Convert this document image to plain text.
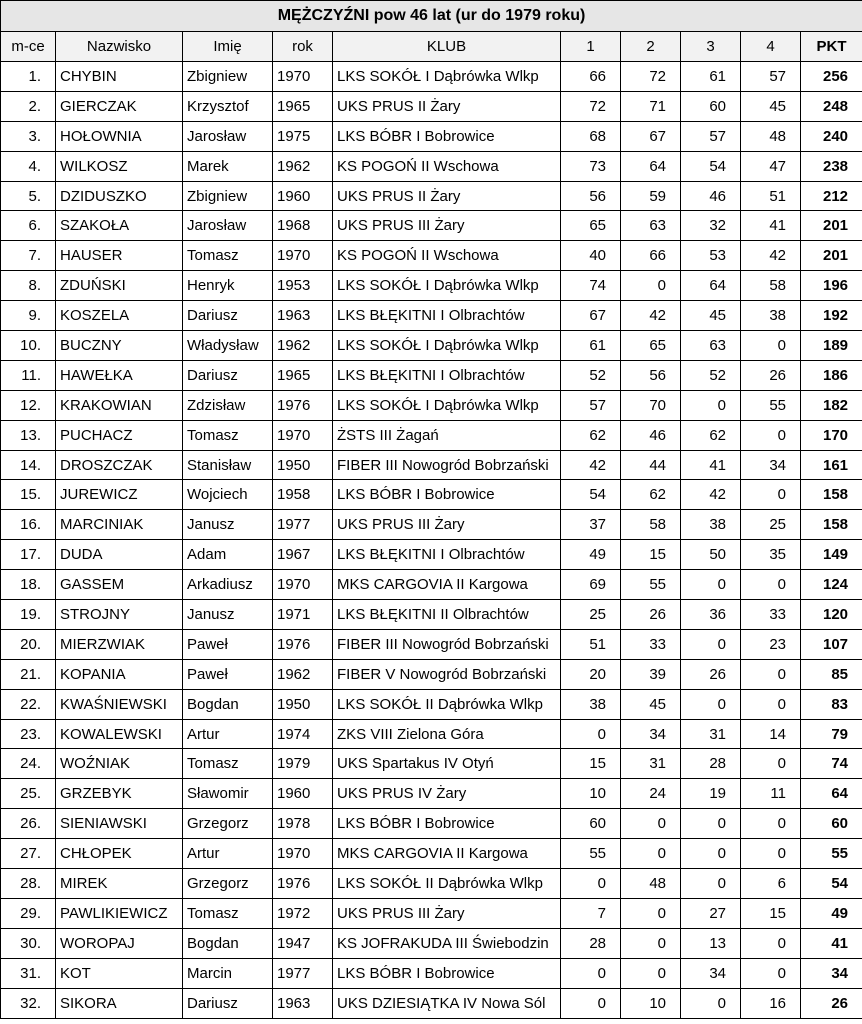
MĘŻCZYŹNI pow 46 lat (ur do 1979 roku)									
m-ce	Nazwisko	Imię	rok	KLUB	1	2	3	4	PKT
1.	CHYBIN	Zbigniew	1970	LKS SOKÓŁ I Dąbrówka Wlkp	66	72	61	57	256
2.	GIERCZAK	Krzysztof	1965	UKS PRUS II Żary	72	71	60	45	248
3.	HOŁOWNIA	Jarosław	1975	LKS BÓBR I Bobrowice	68	67	57	48	240
4.	WILKOSZ	Marek	1962	KS POGOŃ II Wschowa	73	64	54	47	238
5.	DZIDUSZKO	Zbigniew	1960	UKS PRUS II Żary	56	59	46	51	212
6.	SZAKOŁA	Jarosław	1968	UKS PRUS III Żary	65	63	32	41	201
7.	HAUSER	Tomasz	1970	KS POGOŃ II Wschowa	40	66	53	42	201
8.	ZDUŃSKI	Henryk	1953	LKS SOKÓŁ I Dąbrówka Wlkp	74	0	64	58	196
9.	KOSZELA	Dariusz	1963	LKS BŁĘKITNI I Olbrachtów	67	42	45	38	192
10.	BUCZNY	Władysław	1962	LKS SOKÓŁ I Dąbrówka Wlkp	61	65	63	0	189
11.	HAWEŁKA	Dariusz	1965	LKS BŁĘKITNI I Olbrachtów	52	56	52	26	186
12.	KRAKOWIAN	Zdzisław	1976	LKS SOKÓŁ I Dąbrówka Wlkp	57	70	0	55	182
13.	PUCHACZ	Tomasz	1970	ŻSTS III Żagań	62	46	62	0	170
14.	DROSZCZAK	Stanisław	1950	FIBER III Nowogród Bobrzański	42	44	41	34	161
15.	JUREWICZ	Wojciech	1958	LKS BÓBR I Bobrowice	54	62	42	0	158
16.	MARCINIAK	Janusz	1977	UKS PRUS III Żary	37	58	38	25	158
17.	DUDA	Adam	1967	LKS BŁĘKITNI I Olbrachtów	49	15	50	35	149
18.	GASSEM	Arkadiusz	1970	MKS CARGOVIA II Kargowa	69	55	0	0	124
19.	STROJNY	Janusz	1971	LKS BŁĘKITNI II Olbrachtów	25	26	36	33	120
20.	MIERZWIAK	Paweł	1976	FIBER III Nowogród Bobrzański	51	33	0	23	107
21.	KOPANIA	Paweł	1962	FIBER V Nowogród Bobrzański	20	39	26	0	85
22.	KWAŚNIEWSKI	Bogdan	1950	LKS SOKÓŁ II Dąbrówka Wlkp	38	45	0	0	83
23.	KOWALEWSKI	Artur	1974	ZKS VIII Zielona Góra	0	34	31	14	79
24.	WOŹNIAK	Tomasz	1979	UKS Spartakus IV Otyń	15	31	28	0	74
25.	GRZEBYK	Sławomir	1960	UKS PRUS IV Żary	10	24	19	11	64
26.	SIENIAWSKI	Grzegorz	1978	LKS BÓBR I Bobrowice	60	0	0	0	60
27.	CHŁOPEK	Artur	1970	MKS CARGOVIA II Kargowa	55	0	0	0	55
28.	MIREK	Grzegorz	1976	LKS SOKÓŁ II Dąbrówka Wlkp	0	48	0	6	54
29.	PAWLIKIEWICZ	Tomasz	1972	UKS PRUS III Żary	7	0	27	15	49
30.	WOROPAJ	Bogdan	1947	KS JOFRAKUDA III Świebodzin	28	0	13	0	41
31.	KOT	Marcin	1977	LKS BÓBR I Bobrowice	0	0	34	0	34
32.	SIKORA	Dariusz	1963	UKS DZIESIĄTKA IV Nowa Sól	0	10	0	16	26
